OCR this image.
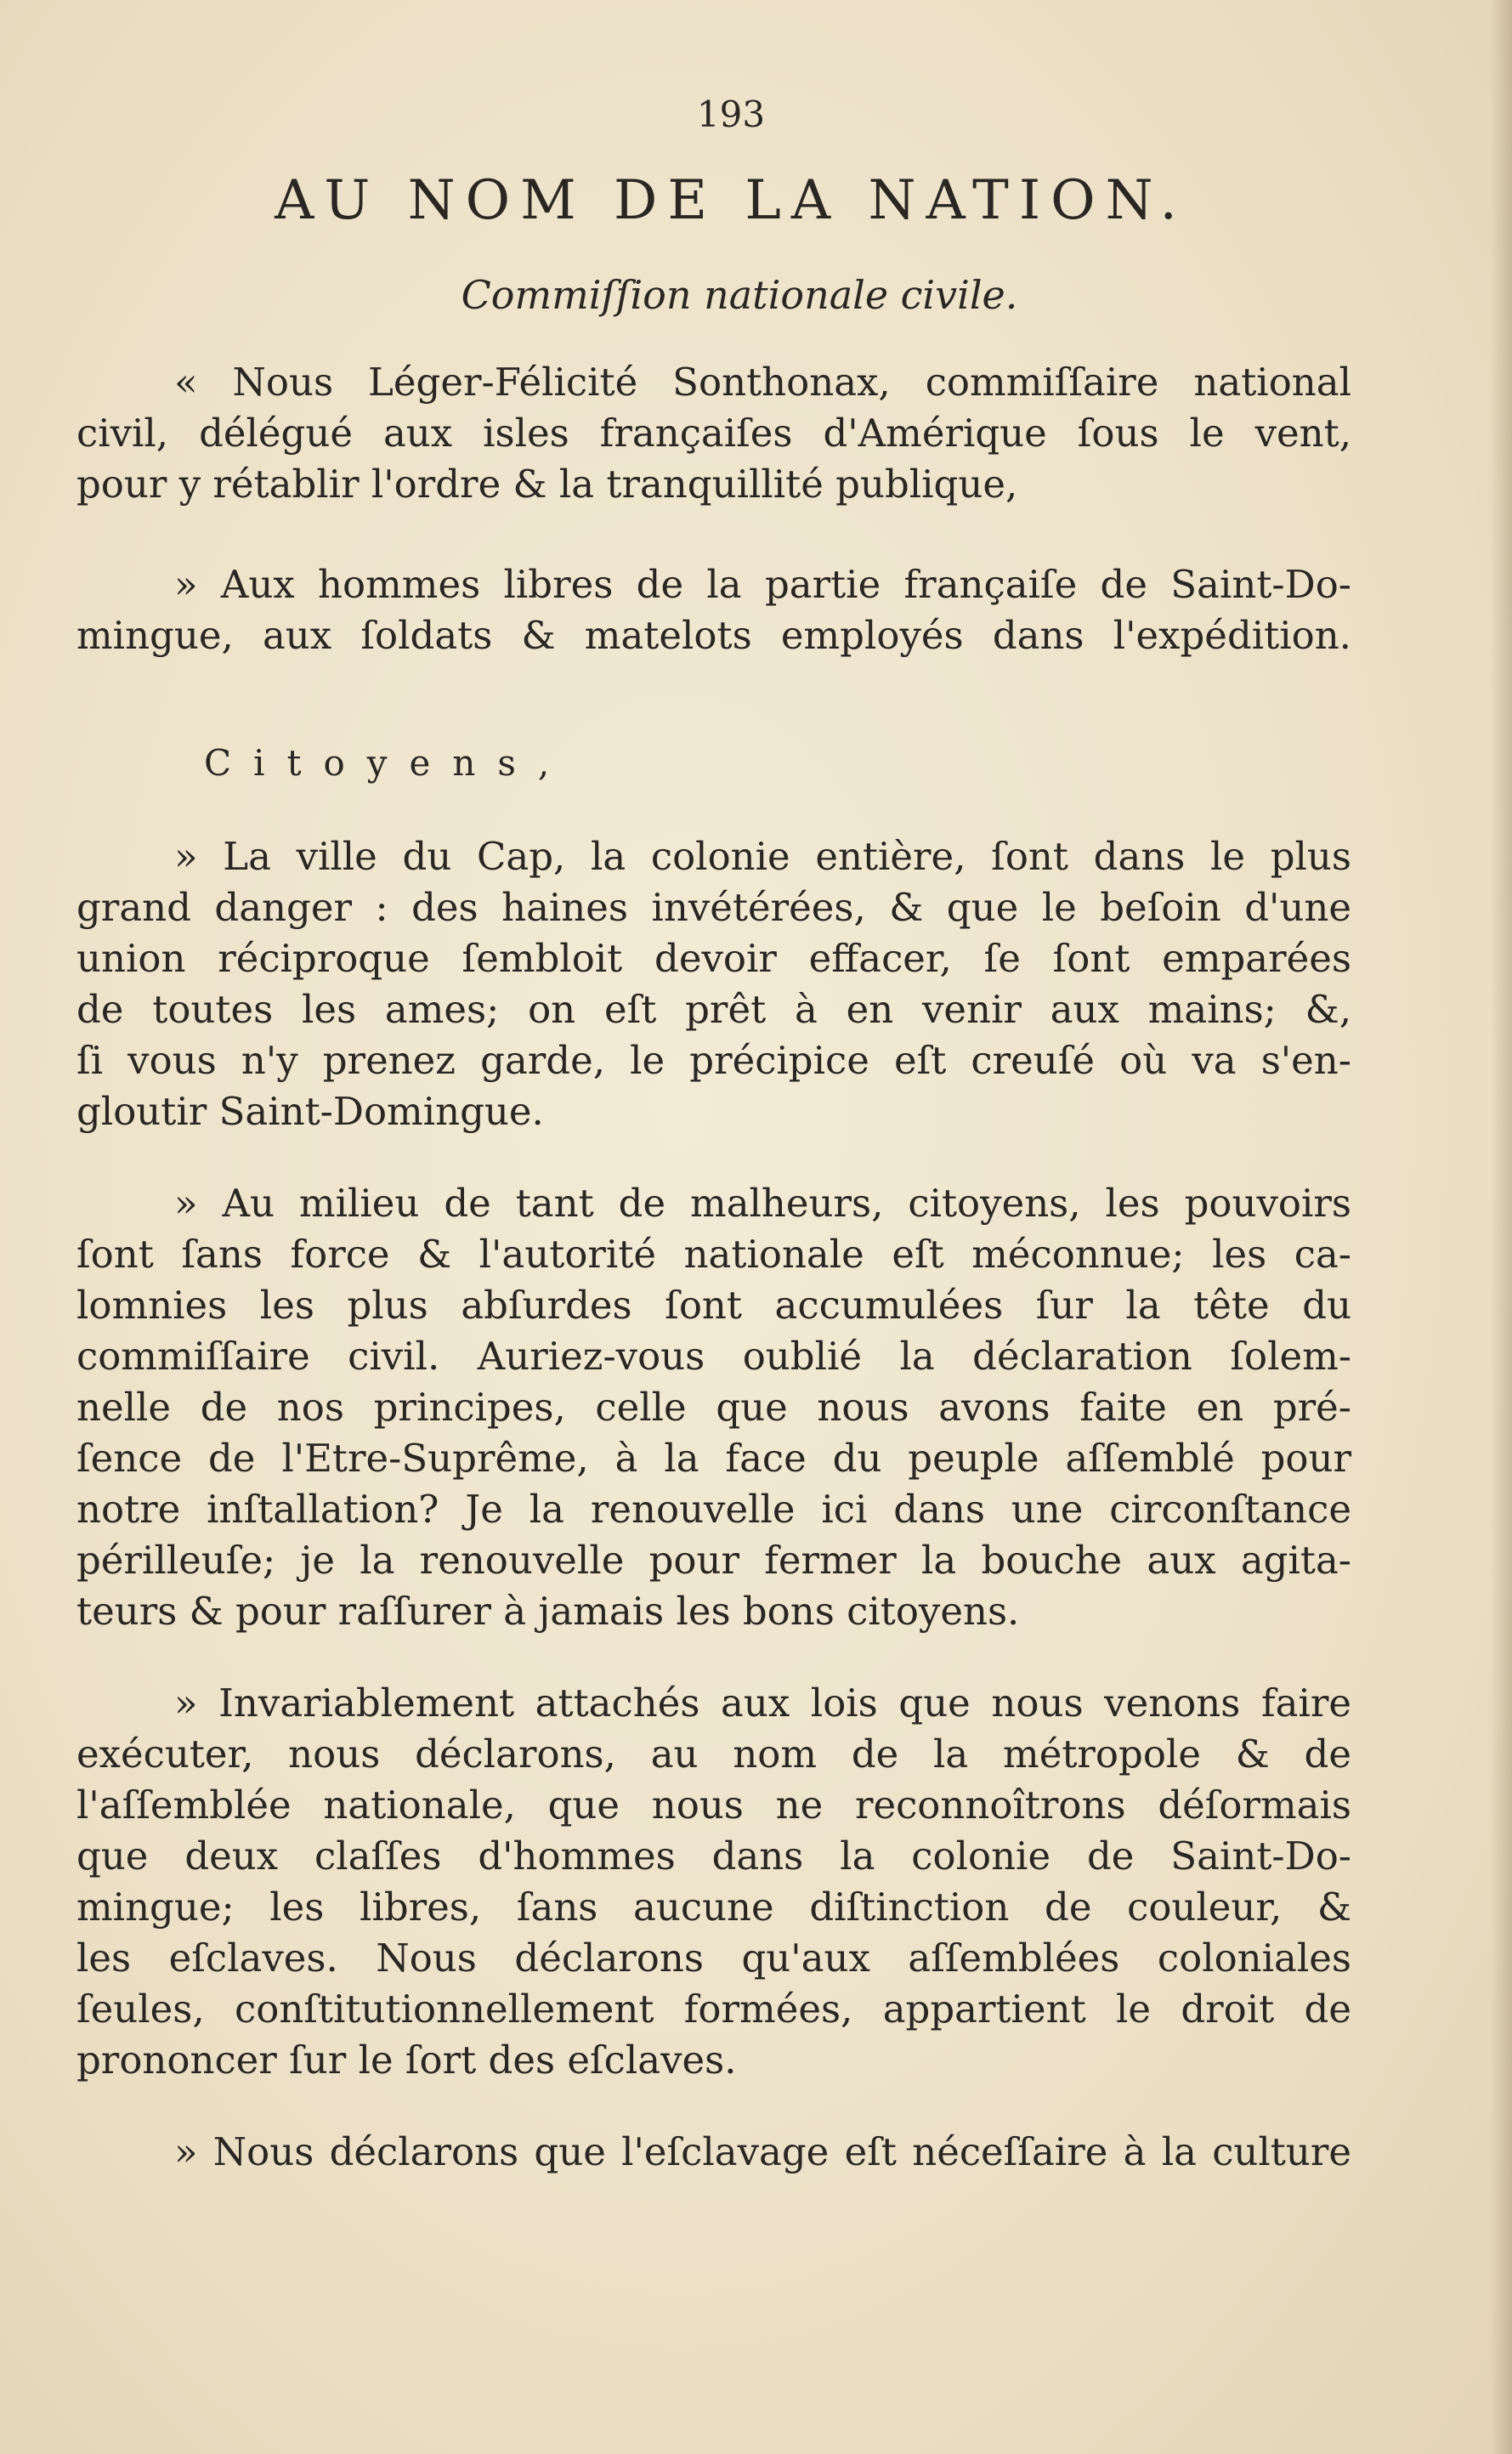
193
AU NOM DE LA NATION.
Commiſſion nationale civile.

« Nous Léger-Félicité Sonthonax, commiſſaire national
civil, délégué aux isles françaiſes d'Amérique ſous le vent,
pour y rétablir l'ordre & la tranquillité publique,

» Aux hommes libres de la partie françaiſe de Saint-Do-
mingue, aux ſoldats & matelots employés dans l'expédition.

Citoyens,

» La ville du Cap, la colonie entière, ſont dans le plus
grand danger : des haines invétérées, & que le beſoin d'une
union réciproque ſembloit devoir effacer, ſe ſont emparées
de toutes les ames; on eſt prêt à en venir aux mains; &,
ſi vous n'y prenez garde, le précipice eſt creuſé où va s'en-
gloutir Saint-Domingue.

» Au milieu de tant de malheurs, citoyens, les pouvoirs
ſont ſans force & l'autorité nationale eſt méconnue; les ca-
lomnies les plus abſurdes ſont accumulées ſur la tête du
commiſſaire civil. Auriez-vous oublié la déclaration ſolem-
nelle de nos principes, celle que nous avons faite en pré-
ſence de l'Etre-Suprême, à la face du peuple aſſemblé pour
notre inſtallation? Je la renouvelle ici dans une circonſtance
périlleuſe; je la renouvelle pour fermer la bouche aux agita-
teurs & pour raſſurer à jamais les bons citoyens.

» Invariablement attachés aux lois que nous venons faire
exécuter, nous déclarons, au nom de la métropole & de
l'aſſemblée nationale, que nous ne reconnoîtrons déſormais
que deux claſſes d'hommes dans la colonie de Saint-Do-
mingue; les libres, ſans aucune diſtinction de couleur, &
les eſclaves. Nous déclarons qu'aux aſſemblées coloniales
ſeules, conſtitutionnellement formées, appartient le droit de
prononcer ſur le ſort des eſclaves.

» Nous déclarons que l'eſclavage eſt néceſſaire à la culture
